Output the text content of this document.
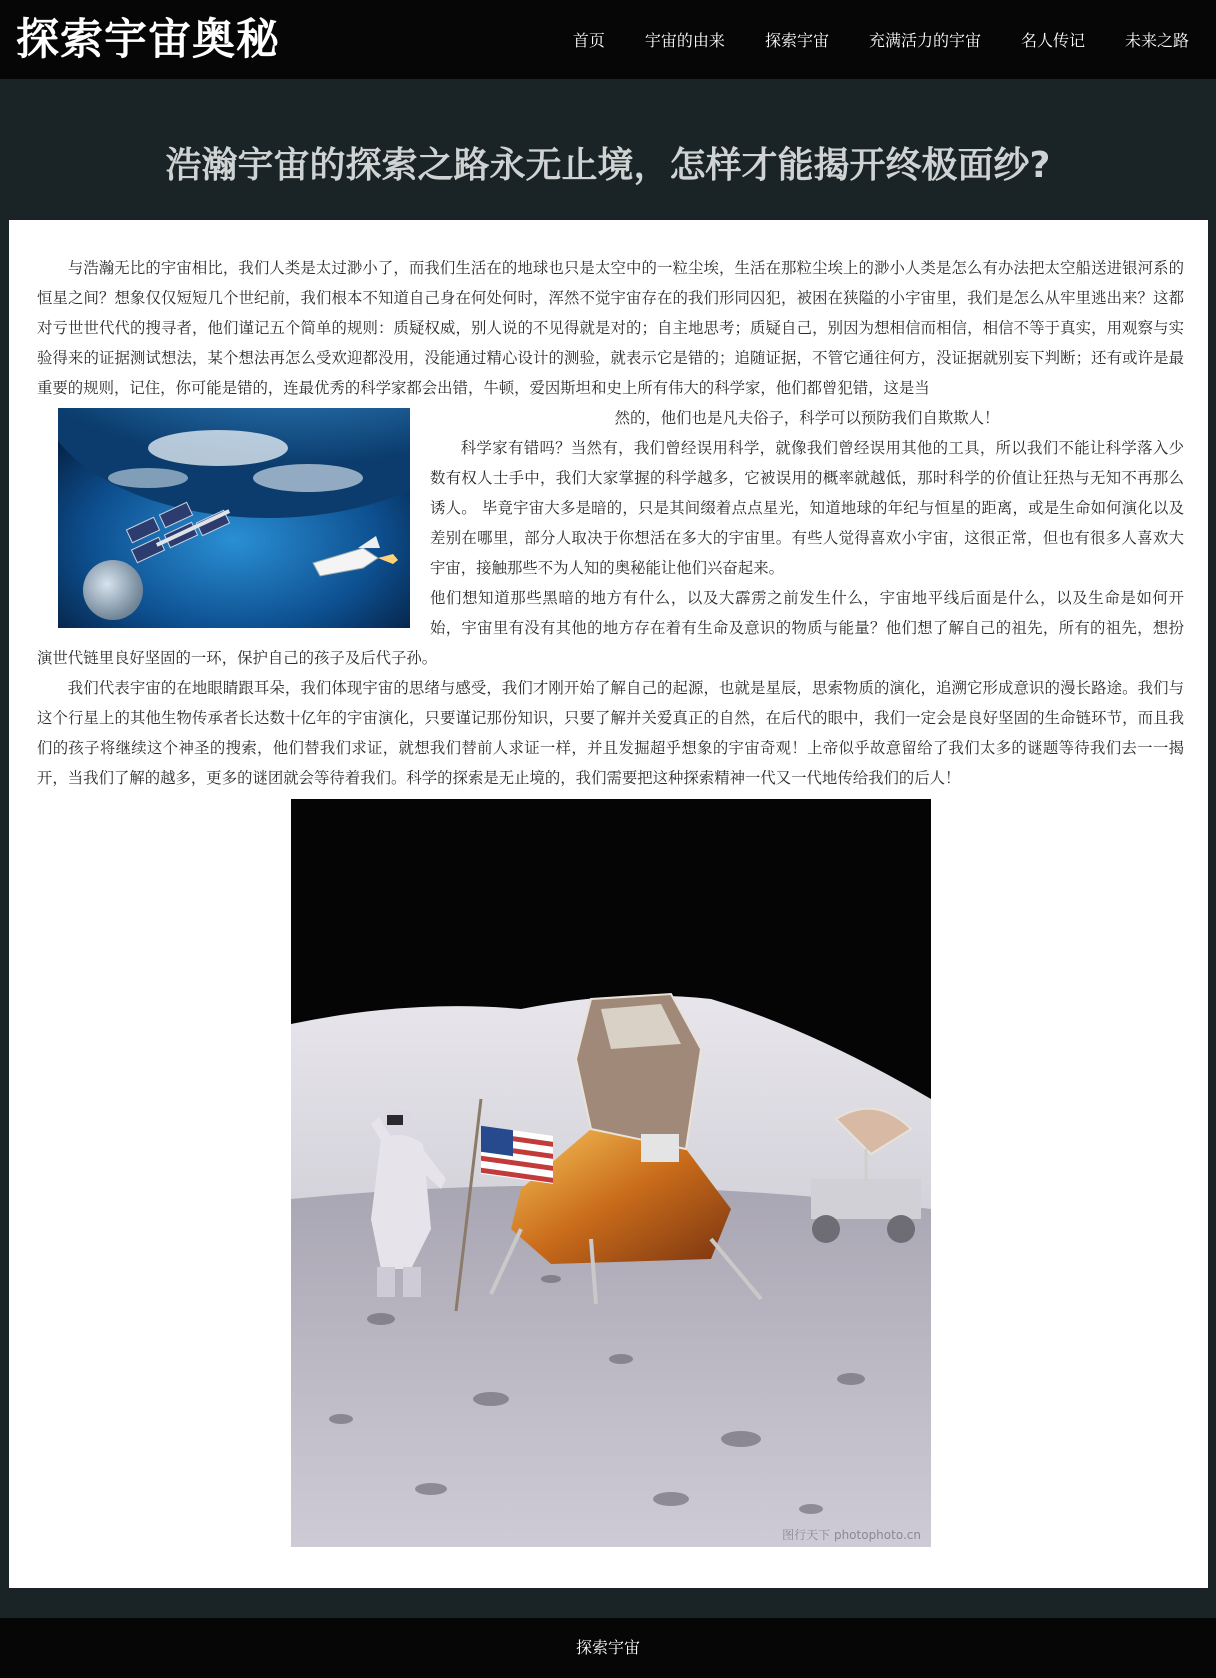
探索宇宙奥秘	首页	宇宙的由来	探索宇宙	充满活力的宇宙	名人传记	未来之路
浩瀚宇宙的探索之路永无止境，怎样才能揭开终极面纱?

与浩瀚无比的宇宙相比，我们人类是太过渺小了，而我们生活在的地球也只是太空中的一粒尘埃，生活在那粒尘埃上的渺小人类是怎么有办法把太空船送进银河系的恒星之间？想象仅仅短短几个世纪前，我们根本不知道自己身在何处何时，浑然不觉宇宙存在的我们形同囚犯，被困在狭隘的小宇宙里，我们是怎么从牢里逃出来？这都对亏世世代代的搜寻者，他们谨记五个简单的规则：质疑权威，别人说的不见得就是对的；自主地思考；质疑自己，别因为想相信而相信，相信不等于真实，用观察与实验得来的证据测试想法，某个想法再怎么受欢迎都没用，没能通过精心设计的测验，就表示它是错的；追随证据，不管它通往何方，没证据就别妄下判断；还有或许是最重要的规则，记住，你可能是错的，连最优秀的科学家都会出错，牛顿，爱因斯坦和史上所有伟大的科学家，他们都曾犯错，这是当

然的，他们也是凡夫俗子，科学可以预防我们自欺欺人！

科学家有错吗？当然有，我们曾经误用科学，就像我们曾经误用其他的工具，所以我们不能让科学落入少数有权人士手中，我们大家掌握的科学越多，它被误用的概率就越低，那时科学的价值让狂热与无知不再那么诱人。 毕竟宇宙大多是暗的，只是其间缀着点点星光，知道地球的年纪与恒星的距离，或是生命如何演化以及差别在哪里，部分人取决于你想活在多大的宇宙里。有些人觉得喜欢小宇宙，这很正常，但也有很多人喜欢大宇宙，接触那些不为人知的奥秘能让他们兴奋起来。

他们想知道那些黑暗的地方有什么，以及大霹雳之前发生什么，宇宙地平线后面是什么，以及生命是如何开始，宇宙里有没有其他的地方存在着有生命及意识的物质与能量？他们想了解自己的祖先，所有的祖先，想扮演世代链里良好坚固的一环，保护自己的孩子及后代子孙。

我们代表宇宙的在地眼睛跟耳朵，我们体现宇宙的思绪与感受，我们才刚开始了解自己的起源，也就是星辰，思索物质的演化，追溯它形成意识的漫长路途。我们与这个行星上的其他生物传承者长达数十亿年的宇宙演化，只要谨记那份知识，只要了解并关爱真正的自然，在后代的眼中，我们一定会是良好坚固的生命链环节，而且我们的孩子将继续这个神圣的搜索，他们替我们求证，就想我们替前人求证一样，并且发掘超乎想象的宇宙奇观！上帝似乎故意留给了我们太多的谜题等待我们去一一揭开，当我们了解的越多，更多的谜团就会等待着我们。科学的探索是无止境的，我们需要把这种探索精神一代又一代地传给我们的后人！

图行天下 photophoto.cn
探索宇宙
